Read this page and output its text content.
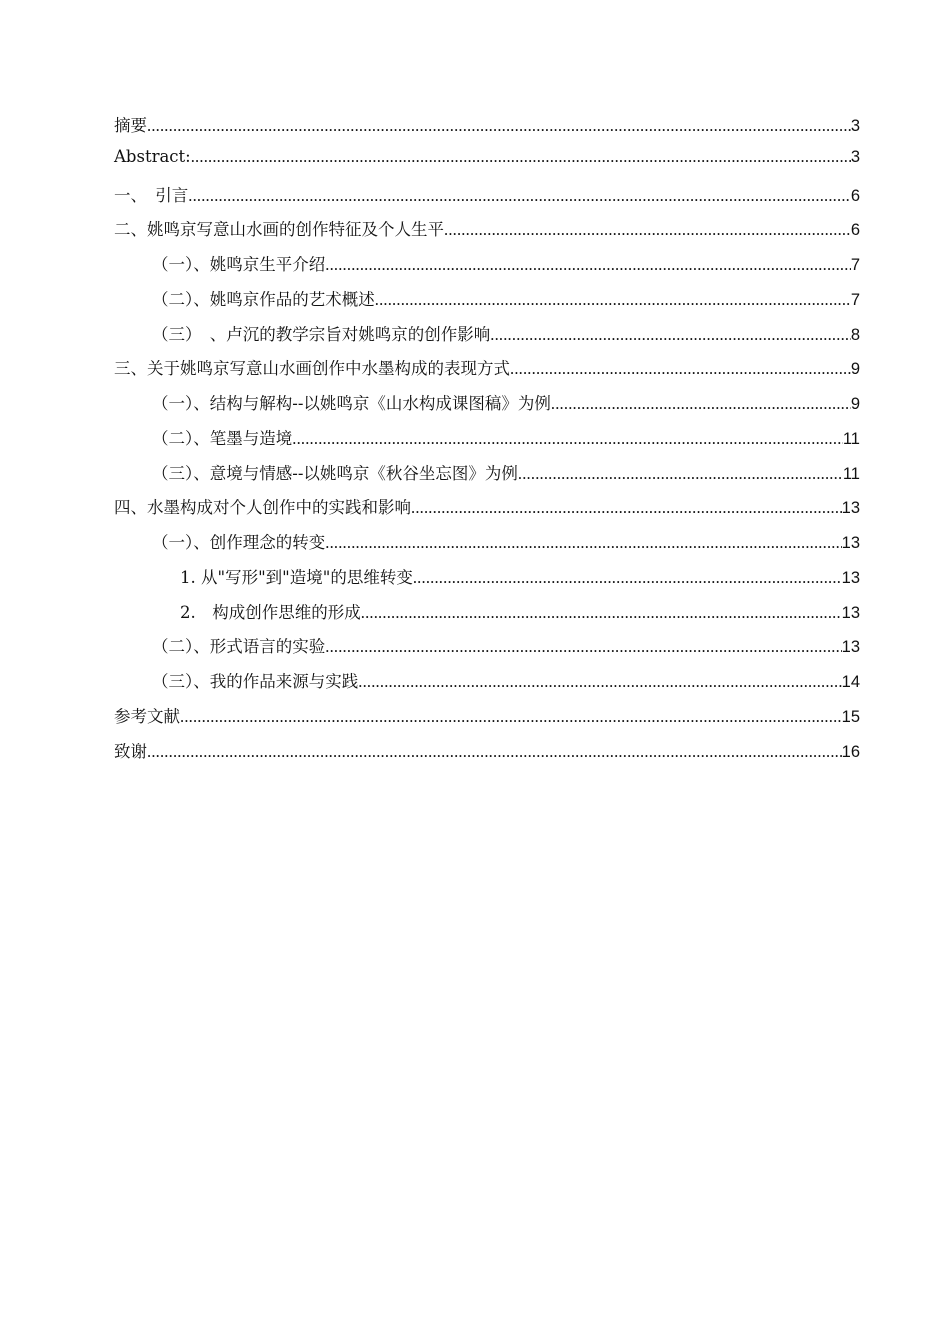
摘要 .....	3
Abstract: .....	3
一、　引言 .....	6
二、姚鸣京写意山水画的创作特征及个人生平 .....	6
（一）、姚鸣京生平介绍 .....	7
（二）、姚鸣京作品的艺术概述 .....	7
（三）　、卢沉的教学宗旨对姚鸣京的创作影响 .....	8
三、关于姚鸣京写意山水画创作中水墨构成的表现方式 .....	9
（一）、结构与解构--以姚鸣京《山水构成课图稿》为例 .....	9
（二）、笔墨与造境 .....	11
（三）、意境与情感--以姚鸣京《秋谷坐忘图》为例 .....	11
四、水墨构成对个人创作中的实践和影响 .....	13
（一）、创作理念的转变 .....	13
1. 从"写形"到"造境"的思维转变 .....	13
2.　构成创作思维的形成 .....	13
（二）、形式语言的实验 .....	13
（三）、我的作品来源与实践 .....	14
参考文献 .....	15
致谢 .....	16
